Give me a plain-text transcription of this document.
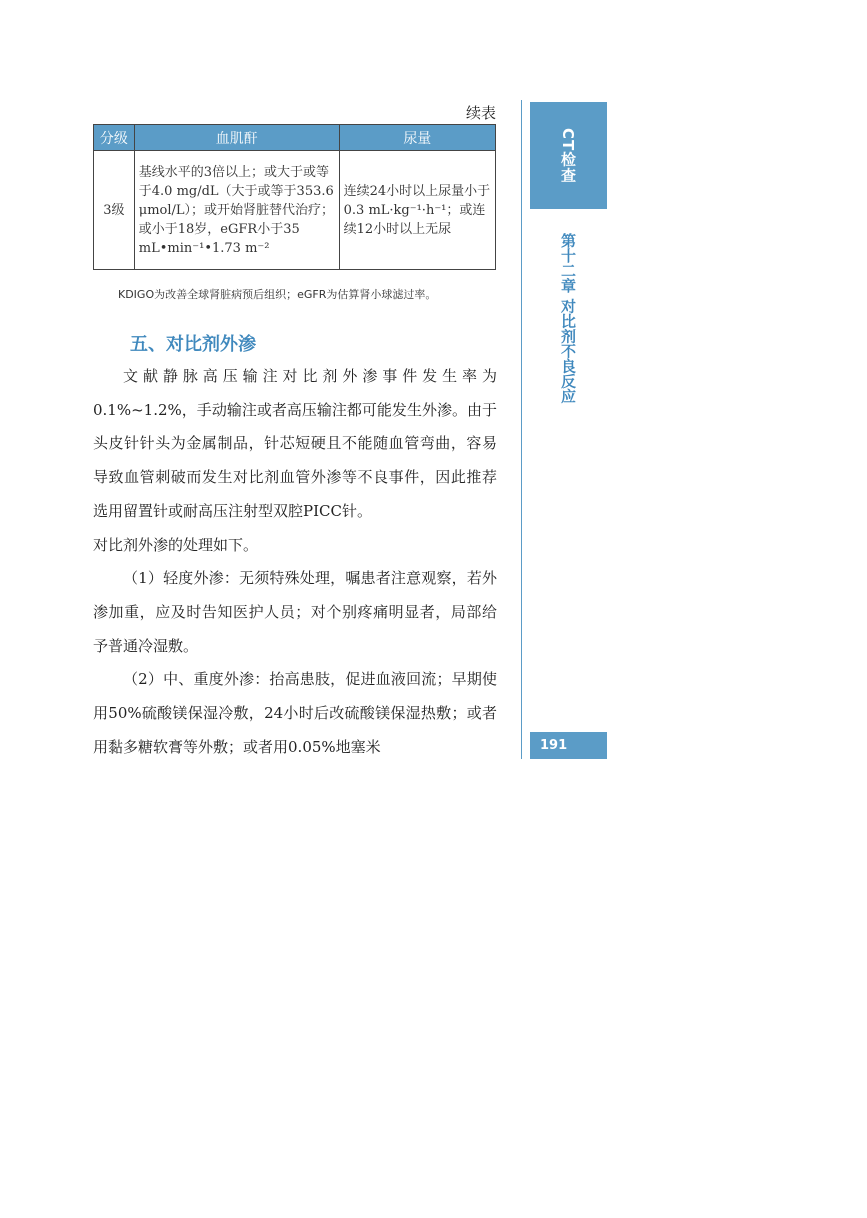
续表
分级	血肌酐	尿量
3级	基线水平的3倍以上；或大于或等于4.0 mg/dL（大于或等于353.6 μmol/L）；或开始肾脏替代治疗；或小于18岁，eGFR小于35 mL•min⁻¹•1.73 m⁻²	连续24小时以上尿量小于0.3 mL·kg⁻¹·h⁻¹；或连续12小时以上无尿
KDIGO为改善全球肾脏病预后组织；eGFR为估算肾小球滤过率。
五、对比剂外渗

文献静脉高压输注对比剂外渗事件发生率为0.1%~1.2%，手动输注或者高压输注都可能发生外渗。由于头皮针针头为金属制品，针芯短硬且不能随血管弯曲，容易导致血管刺破而发生对比剂血管外渗等不良事件，因此推荐选用留置针或耐高压注射型双腔PICC针。

对比剂外渗的处理如下。

（1）轻度外渗：无须特殊处理，嘱患者注意观察，若外渗加重，应及时告知医护人员；对个别疼痛明显者，局部给予普通冷湿敷。

（2）中、重度外渗：抬高患肢，促进血液回流；早期使用50%硫酸镁保湿冷敷，24小时后改硫酸镁保湿热敷；或者用黏多糖软膏等外敷；或者用0.05%地塞米

CT检查
第十二章 对比剂不良反应
191
